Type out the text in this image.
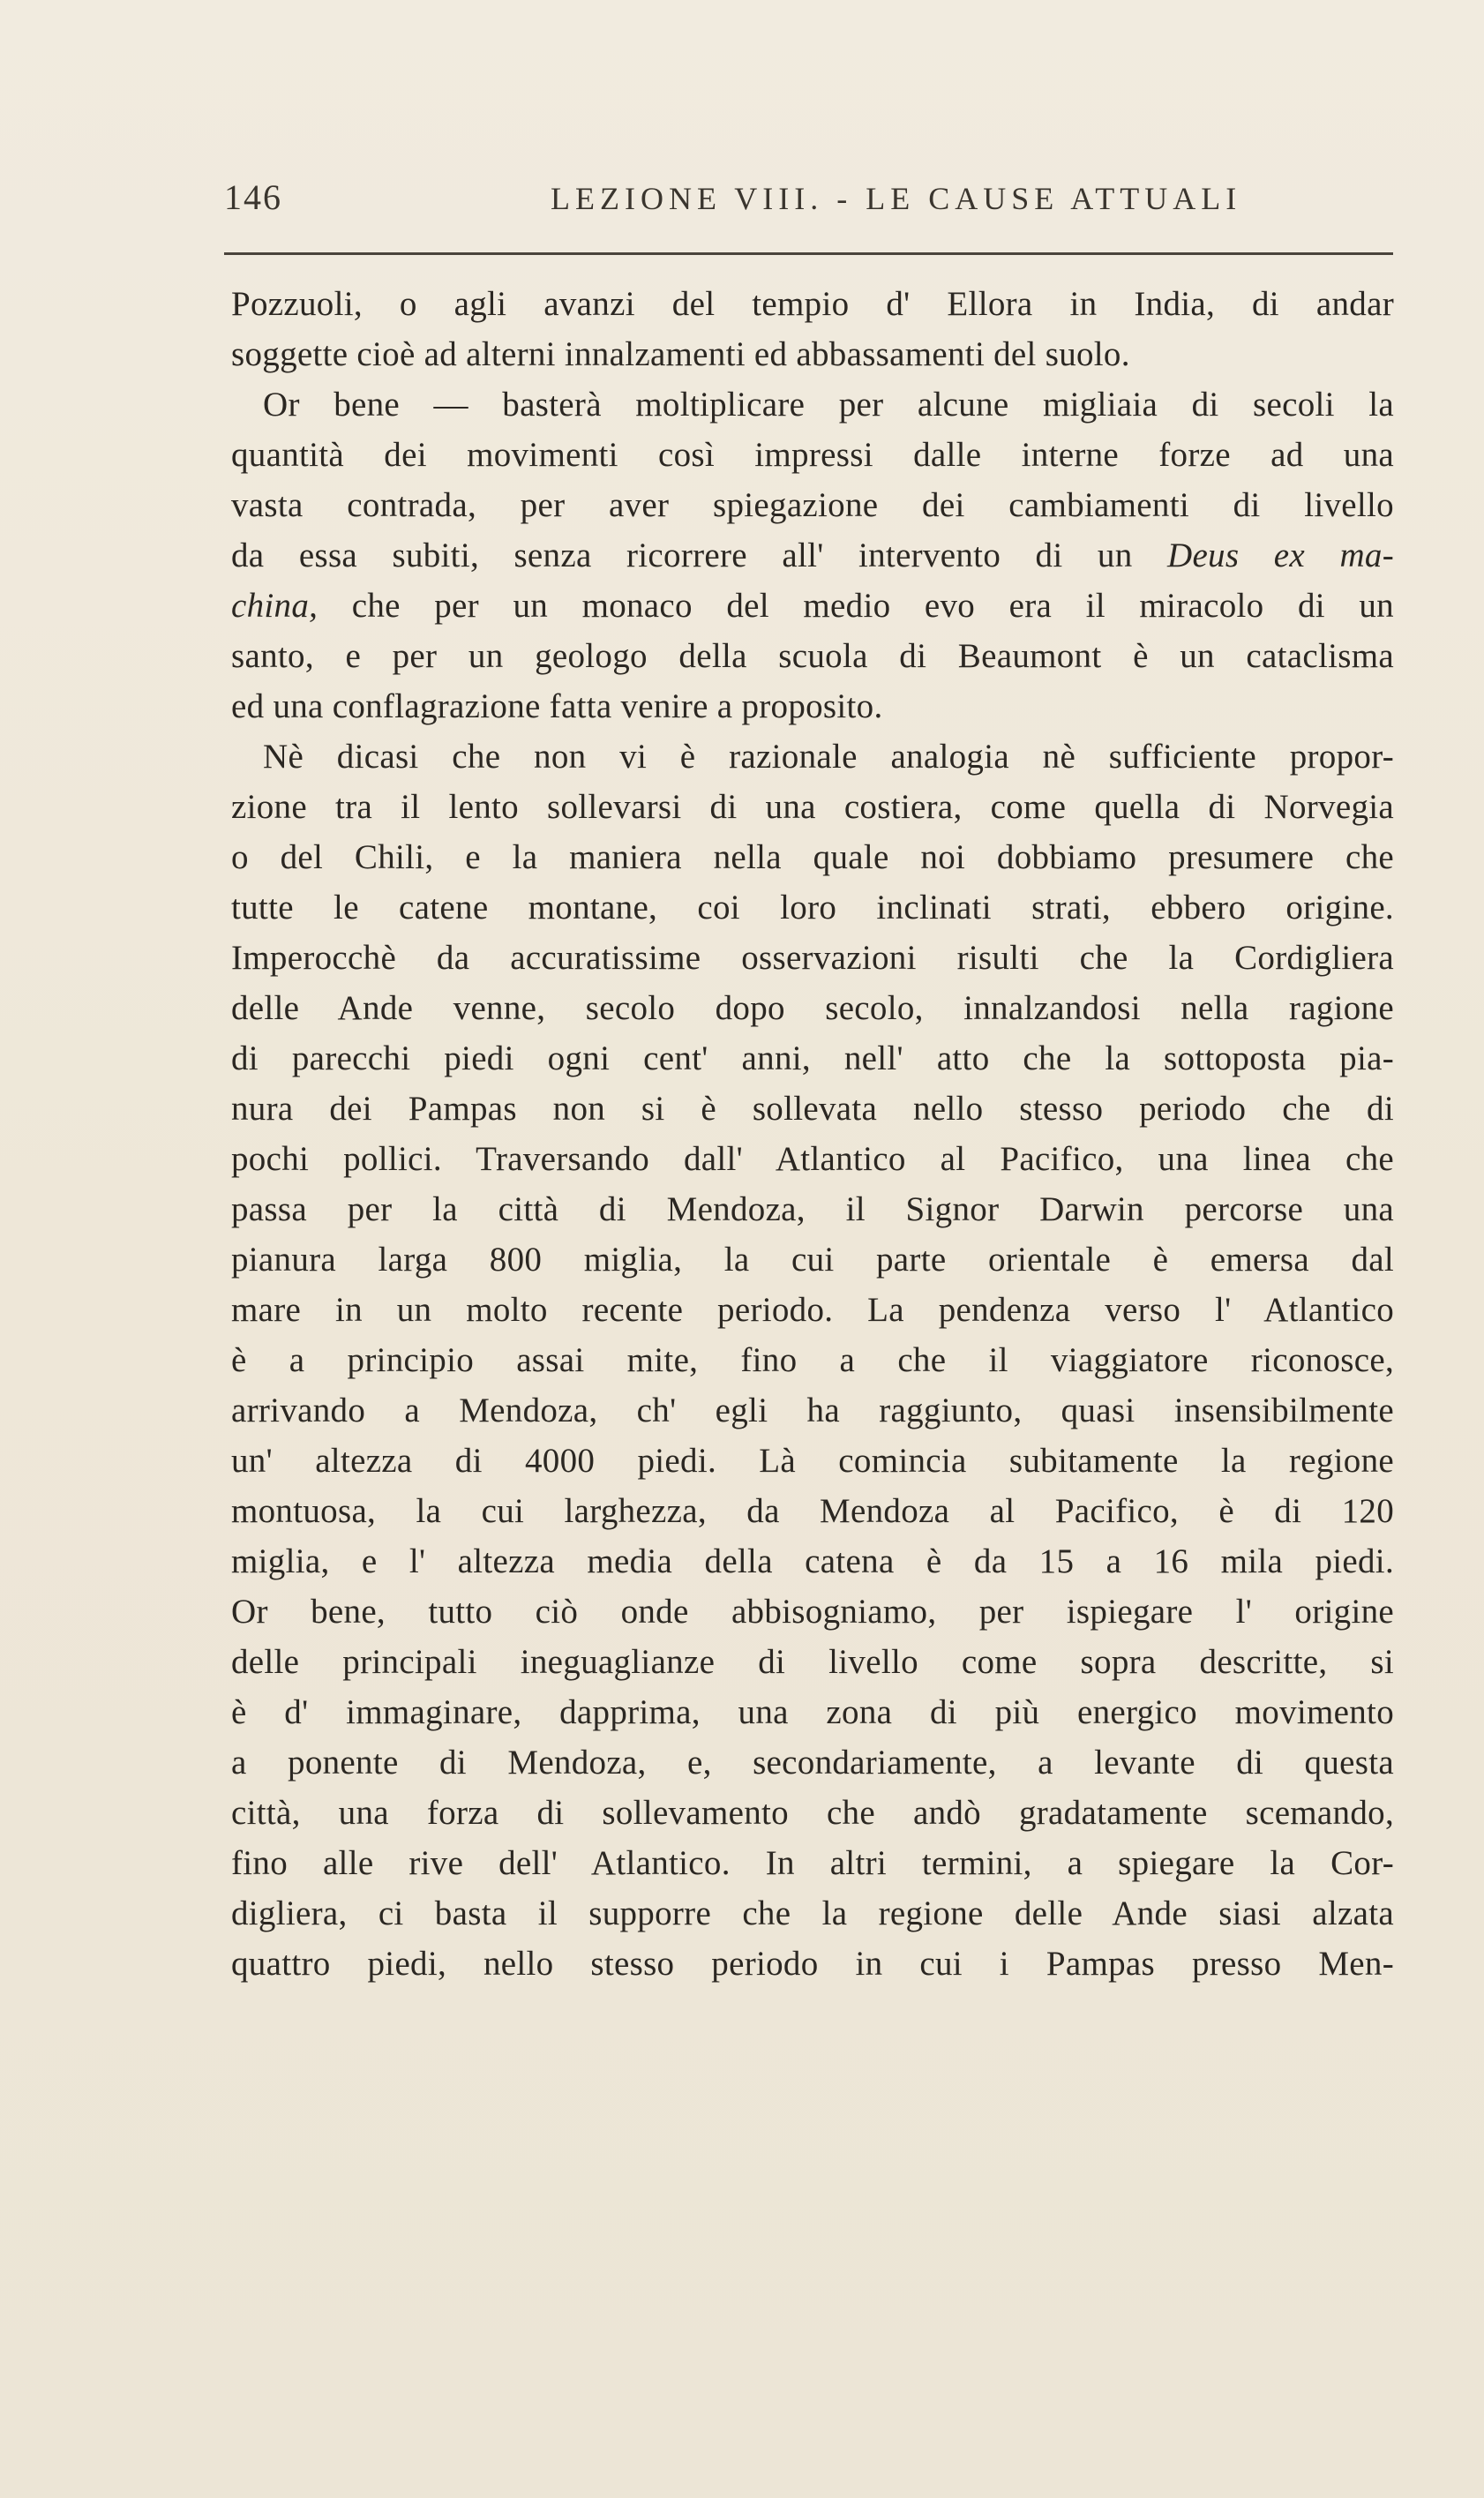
146	LEZIONE VIII. - LE CAUSE ATTUALI
Pozzuoli, o agli avanzi del tempio d' Ellora in India, di andar
soggette cioè ad alterni innalzamenti ed abbassamenti del suolo.
Or bene — basterà moltiplicare per alcune migliaia di secoli la
quantità dei movimenti così impressi dalle interne forze ad una
vasta contrada, per aver spiegazione dei cambiamenti di livello
da essa subiti, senza ricorrere all' intervento di un Deus ex ma-
china, che per un monaco del medio evo era il miracolo di un
santo, e per un geologo della scuola di Beaumont è un cataclisma
ed una conflagrazione fatta venire a proposito.
Nè dicasi che non vi è razionale analogia nè sufficiente propor-
zione tra il lento sollevarsi di una costiera, come quella di Norvegia
o del Chili, e la maniera nella quale noi dobbiamo presumere che
tutte le catene montane, coi loro inclinati strati, ebbero origine.
Imperocchè da accuratissime osservazioni risulti che la Cordigliera
delle Ande venne, secolo dopo secolo, innalzandosi nella ragione
di parecchi piedi ogni cent' anni, nell' atto che la sottoposta pia-
nura dei Pampas non si è sollevata nello stesso periodo che di
pochi pollici. Traversando dall' Atlantico al Pacifico, una linea che
passa per la città di Mendoza, il Signor Darwin percorse una
pianura larga 800 miglia, la cui parte orientale è emersa dal
mare in un molto recente periodo. La pendenza verso l' Atlantico
è a principio assai mite, fino a che il viaggiatore riconosce,
arrivando a Mendoza, ch' egli ha raggiunto, quasi insensibilmente
un' altezza di 4000 piedi. Là comincia subitamente la regione
montuosa, la cui larghezza, da Mendoza al Pacifico, è di 120
miglia, e l' altezza media della catena è da 15 a 16 mila piedi.
Or bene, tutto ciò onde abbisogniamo, per ispiegare l' origine
delle principali ineguaglianze di livello come sopra descritte, si
è d' immaginare, dapprima, una zona di più energico movimento
a ponente di Mendoza, e, secondariamente, a levante di questa
città, una forza di sollevamento che andò gradatamente scemando,
fino alle rive dell' Atlantico. In altri termini, a spiegare la Cor-
digliera, ci basta il supporre che la regione delle Ande siasi alzata
quattro piedi, nello stesso periodo in cui i Pampas presso Men-
